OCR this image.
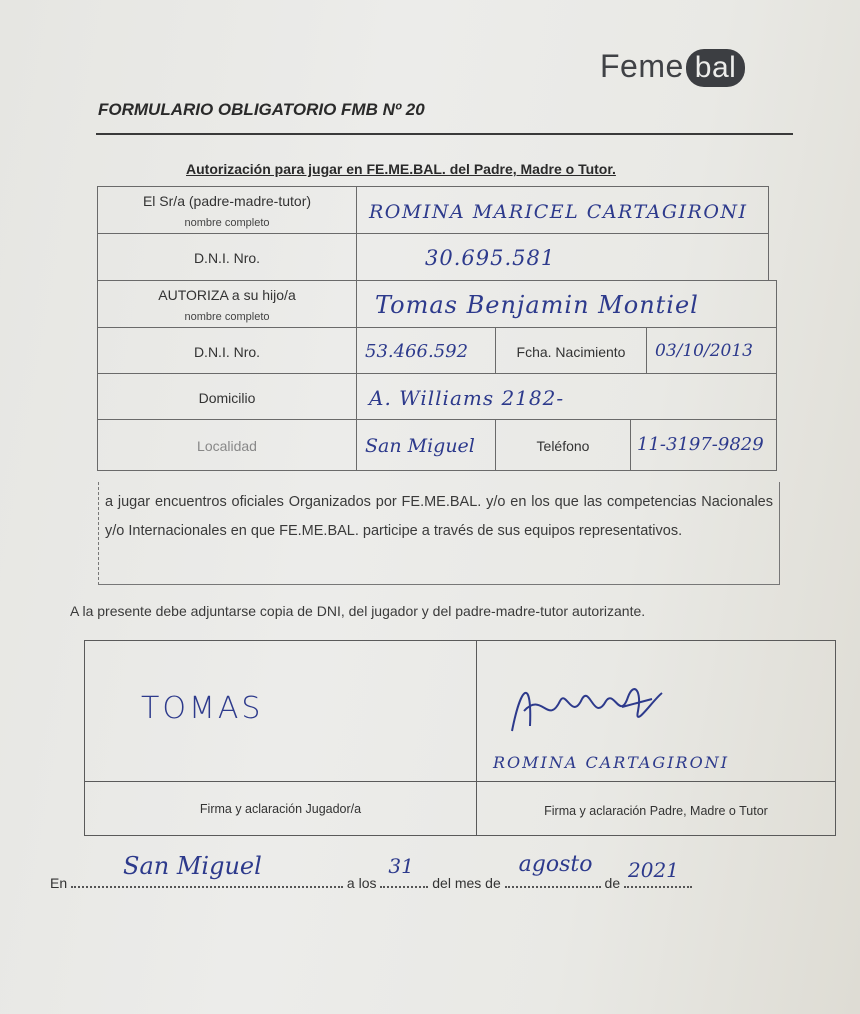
Feme bal
FORMULARIO OBLIGATORIO FMB Nº 20
Autorización para jugar en FE.ME.BAL. del Padre, Madre o Tutor.
El Sr/a (padre-madre-tutor)
nombre completo	ROMINA MARICEL CARTAGIRONI
D.N.I. Nro.	30.695.581
AUTORIZA a su hijo/a
nombre completo	Tomas Benjamin Montiel
D.N.I. Nro.	53.466.592	Fcha. Nacimiento	03/10/2013
Domicilio	A. Williams 2182-
Localidad	San Miguel	Teléfono	11-3197-9829
a jugar encuentros oficiales Organizados por FE.ME.BAL. y/o en los que las competencias Nacionales y/o Internacionales en que FE.ME.BAL. participe a través de sus equipos representativos.
A la presente debe adjuntarse copia de DNI, del jugador y del padre-madre-tutor autorizante.
TOMAS
ROMINA CARTAGIRONI
Firma y aclaración Jugador/a	Firma y aclaración Padre, Madre o Tutor
En
San Miguel
a los
31
del mes de
agosto
de
2021
